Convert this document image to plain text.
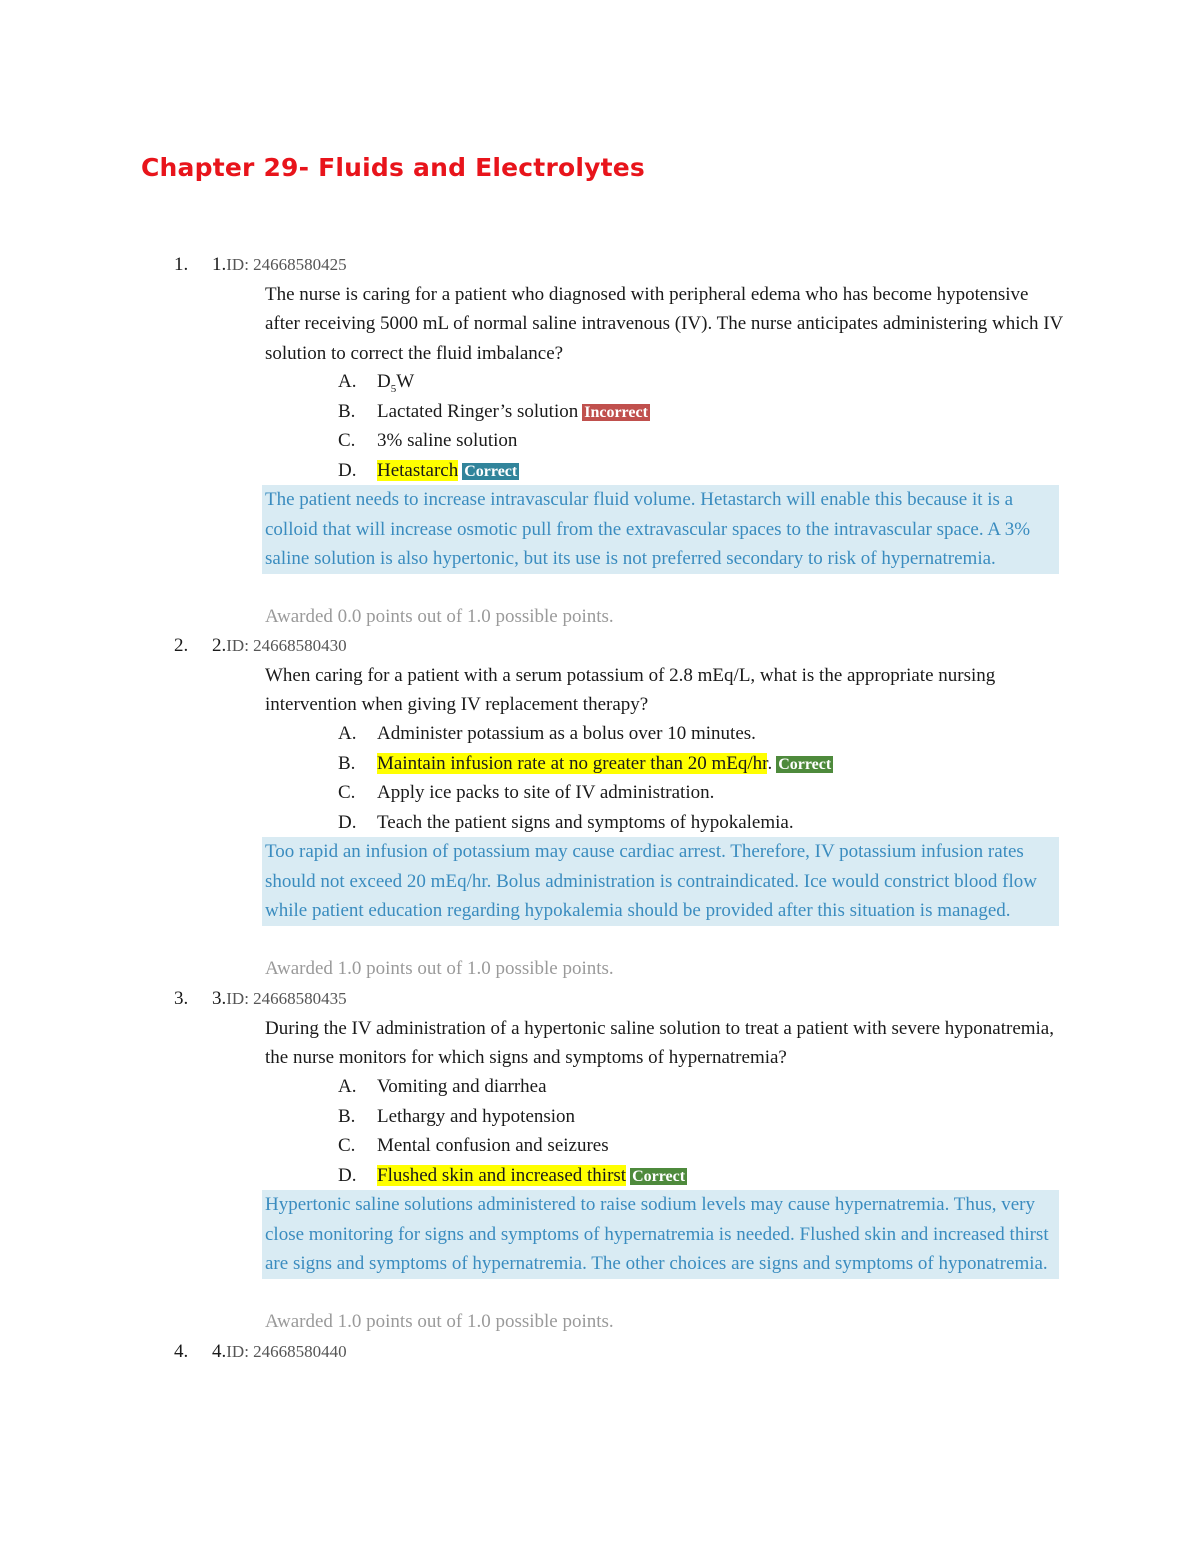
Chapter 29- Fluids and Electrolytes
1. 1.ID: 24668580425
The nurse is caring for a patient who diagnosed with peripheral edema who has become hypotensive after receiving 5000 mL of normal saline intravenous (IV). The nurse anticipates administering which IV solution to correct the fluid imbalance?
A. $D_5W$
B. Lactated Ringer’s solution Incorrect
C. 3% saline solution
D. Hetastarch Correct
The patient needs to increase intravascular fluid volume. Hetastarch will enable this because it is a colloid that will increase osmotic pull from the extravascular spaces to the intravascular space. A 3% saline solution is also hypertonic, but its use is not preferred secondary to risk of hypernatremia.
Awarded 0.0 points out of 1.0 possible points.
2. 2.ID: 24668580430
When caring for a patient with a serum potassium of 2.8 mEq/L, what is the appropriate nursing intervention when giving IV replacement therapy?
A. Administer potassium as a bolus over 10 minutes.
B. Maintain infusion rate at no greater than 20 mEq/hr. Correct
C. Apply ice packs to site of IV administration.
D. Teach the patient signs and symptoms of hypokalemia.
Too rapid an infusion of potassium may cause cardiac arrest. Therefore, IV potassium infusion rates should not exceed 20 mEq/hr. Bolus administration is contraindicated. Ice would constrict blood flow while patient education regarding hypokalemia should be provided after this situation is managed.
Awarded 1.0 points out of 1.0 possible points.
3. 3.ID: 24668580435
During the IV administration of a hypertonic saline solution to treat a patient with severe hyponatremia, the nurse monitors for which signs and symptoms of hypernatremia?
A. Vomiting and diarrhea
B. Lethargy and hypotension
C. Mental confusion and seizures
D. Flushed skin and increased thirst Correct
Hypertonic saline solutions administered to raise sodium levels may cause hypernatremia. Thus, very close monitoring for signs and symptoms of hypernatremia is needed. Flushed skin and increased thirst are signs and symptoms of hypernatremia. The other choices are signs and symptoms of hyponatremia.
Awarded 1.0 points out of 1.0 possible points.
4. 4.ID: 24668580440
